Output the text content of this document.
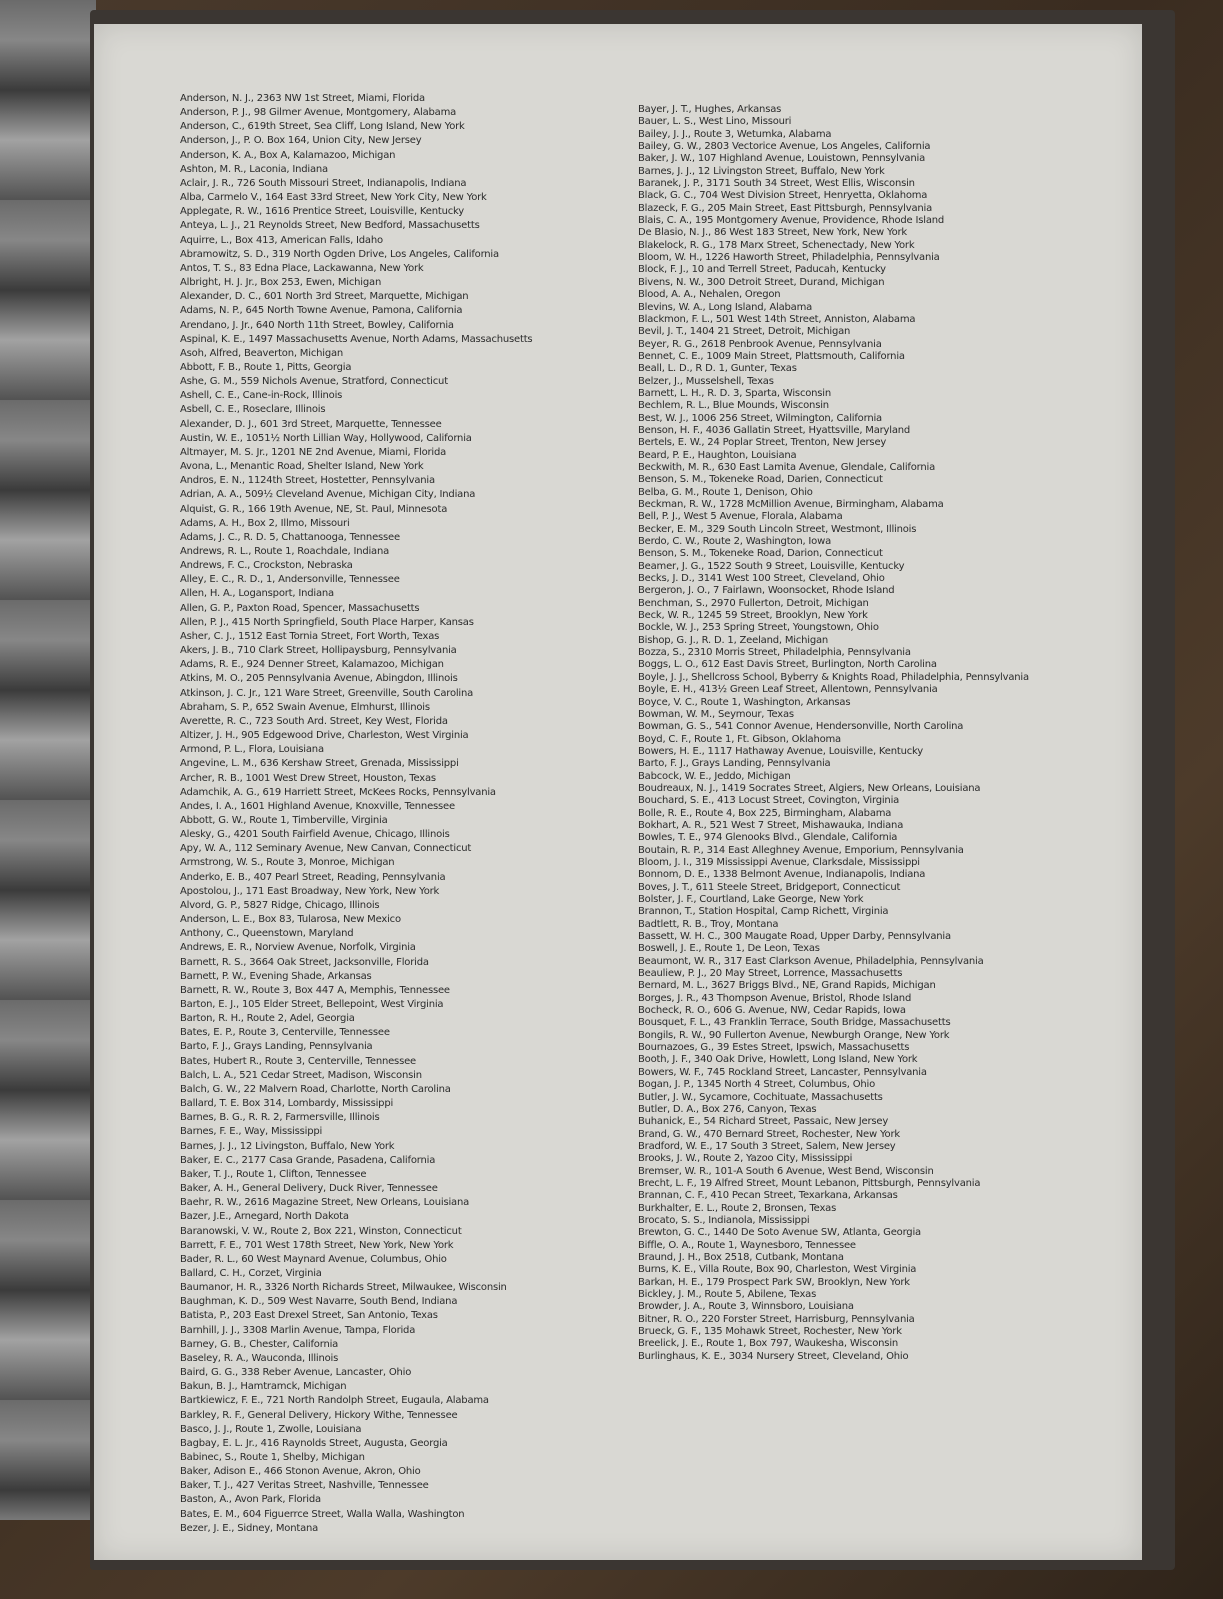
Anderson, N. J., 2363 NW 1st Street, Miami, Florida
Anderson, P. J., 98 Gilmer Avenue, Montgomery, Alabama
Anderson, C., 619th Street, Sea Cliff, Long Island, New York
Anderson, J., P. O. Box 164, Union City, New Jersey
Anderson, K. A., Box A, Kalamazoo, Michigan
Ashton, M. R., Laconia, Indiana
Aclair, J. R., 726 South Missouri Street, Indianapolis, Indiana
Alba, Carmelo V., 164 East 33rd Street, New York City, New York
Applegate, R. W., 1616 Prentice Street, Louisville, Kentucky
Anteya, L. J., 21 Reynolds Street, New Bedford, Massachusetts
Aquirre, L., Box 413, American Falls, Idaho
Abramowitz, S. D., 319 North Ogden Drive, Los Angeles, California
Antos, T. S., 83 Edna Place, Lackawanna, New York
Albright, H. J. Jr., Box 253, Ewen, Michigan
Alexander, D. C., 601 North 3rd Street, Marquette, Michigan
Adams, N. P., 645 North Towne Avenue, Pamona, California
Arendano, J. Jr., 640 North 11th Street, Bowley, California
Aspinal, K. E., 1497 Massachusetts Avenue, North Adams, Massachusetts
Asoh, Alfred, Beaverton, Michigan
Abbott, F. B., Route 1, Pitts, Georgia
Ashe, G. M., 559 Nichols Avenue, Stratford, Connecticut
Ashell, C. E., Cane-in-Rock, Illinois
Asbell, C. E., Roseclare, Illinois
Alexander, D. J., 601 3rd Street, Marquette, Tennessee
Austin, W. E., 1051½ North Lillian Way, Hollywood, California
Altmayer, M. S. Jr., 1201 NE 2nd Avenue, Miami, Florida
Avona, L., Menantic Road, Shelter Island, New York
Andros, E. N., 1124th Street, Hostetter, Pennsylvania
Adrian, A. A., 509½ Cleveland Avenue, Michigan City, Indiana
Alquist, G. R., 166 19th Avenue, NE, St. Paul, Minnesota
Adams, A. H., Box 2, Illmo, Missouri
Adams, J. C., R. D. 5, Chattanooga, Tennessee
Andrews, R. L., Route 1, Roachdale, Indiana
Andrews, F. C., Crockston, Nebraska
Alley, E. C., R. D., 1, Andersonville, Tennessee
Allen, H. A., Logansport, Indiana
Allen, G. P., Paxton Road, Spencer, Massachusetts
Allen, P. J., 415 North Springfield, South Place Harper, Kansas
Asher, C. J., 1512 East Tornia Street, Fort Worth, Texas
Akers, J. B., 710 Clark Street, Hollipaysburg, Pennsylvania
Adams, R. E., 924 Denner Street, Kalamazoo, Michigan
Atkins, M. O., 205 Pennsylvania Avenue, Abingdon, Illinois
Atkinson, J. C. Jr., 121 Ware Street, Greenville, South Carolina
Abraham, S. P., 652 Swain Avenue, Elmhurst, Illinois
Averette, R. C., 723 South Ard. Street, Key West, Florida
Altizer, J. H., 905 Edgewood Drive, Charleston, West Virginia
Armond, P. L., Flora, Louisiana
Angevine, L. M., 636 Kershaw Street, Grenada, Mississippi
Archer, R. B., 1001 West Drew Street, Houston, Texas
Adamchik, A. G., 619 Harriett Street, McKees Rocks, Pennsylvania
Andes, I. A., 1601 Highland Avenue, Knoxville, Tennessee
Abbott, G. W., Route 1, Timberville, Virginia
Alesky, G., 4201 South Fairfield Avenue, Chicago, Illinois
Apy, W. A., 112 Seminary Avenue, New Canvan, Connecticut
Armstrong, W. S., Route 3, Monroe, Michigan
Anderko, E. B., 407 Pearl Street, Reading, Pennsylvania
Apostolou, J., 171 East Broadway, New York, New York
Alvord, G. P., 5827 Ridge, Chicago, Illinois
Anderson, L. E., Box 83, Tularosa, New Mexico
Anthony, C., Queenstown, Maryland
Andrews, E. R., Norview Avenue, Norfolk, Virginia
Barnett, R. S., 3664 Oak Street, Jacksonville, Florida
Barnett, P. W., Evening Shade, Arkansas
Barnett, R. W., Route 3, Box 447 A, Memphis, Tennessee
Barton, E. J., 105 Elder Street, Bellepoint, West Virginia
Barton, R. H., Route 2, Adel, Georgia
Bates, E. P., Route 3, Centerville, Tennessee
Barto, F. J., Grays Landing, Pennsylvania
Bates, Hubert R., Route 3, Centerville, Tennessee
Balch, L. A., 521 Cedar Street, Madison, Wisconsin
Balch, G. W., 22 Malvern Road, Charlotte, North Carolina
Ballard, T. E. Box 314, Lombardy, Mississippi
Barnes, B. G., R. R. 2, Farmersville, Illinois
Barnes, F. E., Way, Mississippi
Barnes, J. J., 12 Livingston, Buffalo, New York
Baker, E. C., 2177 Casa Grande, Pasadena, California
Baker, T. J., Route 1, Clifton, Tennessee
Baker, A. H., General Delivery, Duck River, Tennessee
Baehr, R. W., 2616 Magazine Street, New Orleans, Louisiana
Bazer, J.E., Arnegard, North Dakota
Baranowski, V. W., Route 2, Box 221, Winston, Connecticut
Barrett, F. E., 701 West 178th Street, New York, New York
Bader, R. L., 60 West Maynard Avenue, Columbus, Ohio
Ballard, C. H., Corzet, Virginia
Baumanor, H. R., 3326 North Richards Street, Milwaukee, Wisconsin
Baughman, K. D., 509 West Navarre, South Bend, Indiana
Batista, P., 203 East Drexel Street, San Antonio, Texas
Barnhill, J. J., 3308 Marlin Avenue, Tampa, Florida
Barney, G. B., Chester, California
Baseley, R. A., Wauconda, Illinois
Baird, G. G., 338 Reber Avenue, Lancaster, Ohio
Bakun, B. J., Hamtramck, Michigan
Bartkiewicz, F. E., 721 North Randolph Street, Eugaula, Alabama
Barkley, R. F., General Delivery, Hickory Withe, Tennessee
Basco, J. J., Route 1, Zwolle, Louisiana
Bagbay, E. L. Jr., 416 Raynolds Street, Augusta, Georgia
Babinec, S., Route 1, Shelby, Michigan
Baker, Adison E., 466 Stonon Avenue, Akron, Ohio
Baker, T. J., 427 Veritas Street, Nashville, Tennessee
Baston, A., Avon Park, Florida
Bates, E. M., 604 Figuerrce Street, Walla Walla, Washington
Bezer, J. E., Sidney, Montana
Bayer, J. T., Hughes, Arkansas
Bauer, L. S., West Lino, Missouri
Bailey, J. J., Route 3, Wetumka, Alabama
Bailey, G. W., 2803 Vectorice Avenue, Los Angeles, California
Baker, J. W., 107 Highland Avenue, Louistown, Pennsylvania
Barnes, J. J., 12 Livingston Street, Buffalo, New York
Baranek, J. P., 3171 South 34 Street, West Ellis, Wisconsin
Black, G. C., 704 West Division Street, Henryetta, Oklahoma
Blazeck, F. G., 205 Main Street, East Pittsburgh, Pennsylvania
Blais, C. A., 195 Montgomery Avenue, Providence, Rhode Island
De Blasio, N. J., 86 West 183 Street, New York, New York
Blakelock, R. G., 178 Marx Street, Schenectady, New York
Bloom, W. H., 1226 Haworth Street, Philadelphia, Pennsylvania
Block, F. J., 10 and Terrell Street, Paducah, Kentucky
Bivens, N. W., 300 Detroit Street, Durand, Michigan
Blood, A. A., Nehalen, Oregon
Blevins, W. A., Long Island, Alabama
Blackmon, F. L., 501 West 14th Street, Anniston, Alabama
Bevil, J. T., 1404 21 Street, Detroit, Michigan
Beyer, R. G., 2618 Penbrook Avenue, Pennsylvania
Bennet, C. E., 1009 Main Street, Plattsmouth, California
Beall, L. D., R D. 1, Gunter, Texas
Belzer, J., Musselshell, Texas
Barnett, L. H., R. D. 3, Sparta, Wisconsin
Bechlem, R. L., Blue Mounds, Wisconsin
Best, W. J., 1006 256 Street, Wilmington, California
Benson, H. F., 4036 Gallatin Street, Hyattsville, Maryland
Bertels, E. W., 24 Poplar Street, Trenton, New Jersey
Beard, P. E., Haughton, Louisiana
Beckwith, M. R., 630 East Lamita Avenue, Glendale, California
Benson, S. M., Tokeneke Road, Darien, Connecticut
Belba, G. M., Route 1, Denison, Ohio
Beckman, R. W., 1728 McMillion Avenue, Birmingham, Alabama
Bell, P. J., West 5 Avenue, Florala, Alabama
Becker, E. M., 329 South Lincoln Street, Westmont, Illinois
Berdo, C. W., Route 2, Washington, Iowa
Benson, S. M., Tokeneke Road, Darion, Connecticut
Beamer, J. G., 1522 South 9 Street, Louisville, Kentucky
Becks, J. D., 3141 West 100 Street, Cleveland, Ohio
Bergeron, J. O., 7 Fairlawn, Woonsocket, Rhode Island
Benchman, S., 2970 Fullerton, Detroit, Michigan
Beck, W. R., 1245 59 Street, Brooklyn, New York
Bockle, W. J., 253 Spring Street, Youngstown, Ohio
Bishop, G. J., R. D. 1, Zeeland, Michigan
Bozza, S., 2310 Morris Street, Philadelphia, Pennsylvania
Boggs, L. O., 612 East Davis Street, Burlington, North Carolina
Boyle, J. J., Shellcross School, Byberry & Knights Road, Philadelphia, Pennsylvania
Boyle, E. H., 413½ Green Leaf Street, Allentown, Pennsylvania
Boyce, V. C., Route 1, Washington, Arkansas
Bowman, W. M., Seymour, Texas
Bowman, G. S., 541 Connor Avenue, Hendersonville, North Carolina
Boyd, C. F., Route 1, Ft. Gibson, Oklahoma
Bowers, H. E., 1117 Hathaway Avenue, Louisville, Kentucky
Barto, F. J., Grays Landing, Pennsylvania
Babcock, W. E., Jeddo, Michigan
Boudreaux, N. J., 1419 Socrates Street, Algiers, New Orleans, Louisiana
Bouchard, S. E., 413 Locust Street, Covington, Virginia
Bolle, R. E., Route 4, Box 225, Birmingham, Alabama
Bokhart, A. R., 521 West 7 Street, Mishawauka, Indiana
Bowles, T. E., 974 Glenooks Blvd., Glendale, California
Boutain, R. P., 314 East Alleghney Avenue, Emporium, Pennsylvania
Bloom, J. I., 319 Mississippi Avenue, Clarksdale, Mississippi
Bonnom, D. E., 1338 Belmont Avenue, Indianapolis, Indiana
Boves, J. T., 611 Steele Street, Bridgeport, Connecticut
Bolster, J. F., Courtland, Lake George, New York
Brannon, T., Station Hospital, Camp Richett, Virginia
Badtlett, R. B., Troy, Montana
Bassett, W. H. C., 300 Maugate Road, Upper Darby, Pennsylvania
Boswell, J. E., Route 1, De Leon, Texas
Beaumont, W. R., 317 East Clarkson Avenue, Philadelphia, Pennsylvania
Beauliew, P. J., 20 May Street, Lorrence, Massachusetts
Bernard, M. L., 3627 Briggs Blvd., NE, Grand Rapids, Michigan
Borges, J. R., 43 Thompson Avenue, Bristol, Rhode Island
Bocheck, R. O., 606 G. Avenue, NW, Cedar Rapids, Iowa
Bousquet, F. L., 43 Franklin Terrace, South Bridge, Massachusetts
Bongils, R. W., 90 Fullerton Avenue, Newburgh Orange, New York
Bournazoes, G., 39 Estes Street, Ipswich, Massachusetts
Booth, J. F., 340 Oak Drive, Howlett, Long Island, New York
Bowers, W. F., 745 Rockland Street, Lancaster, Pennsylvania
Bogan, J. P., 1345 North 4 Street, Columbus, Ohio
Butler, J. W., Sycamore, Cochituate, Massachusetts
Butler, D. A., Box 276, Canyon, Texas
Buhanick, E., 54 Richard Street, Passaic, New Jersey
Brand, G. W., 470 Bernard Street, Rochester, New York
Bradford, W. E., 17 South 3 Street, Salem, New Jersey
Brooks, J. W., Route 2, Yazoo City, Mississippi
Bremser, W. R., 101-A South 6 Avenue, West Bend, Wisconsin
Brecht, L. F., 19 Alfred Street, Mount Lebanon, Pittsburgh, Pennsylvania
Brannan, C. F., 410 Pecan Street, Texarkana, Arkansas
Burkhalter, E. L., Route 2, Bronsen, Texas
Brocato, S. S., Indianola, Mississippi
Brewton, G. C., 1440 De Soto Avenue SW, Atlanta, Georgia
Biffle, O. A., Route 1, Waynesboro, Tennessee
Braund, J. H., Box 2518, Cutbank, Montana
Burns, K. E., Villa Route, Box 90, Charleston, West Virginia
Barkan, H. E., 179 Prospect Park SW, Brooklyn, New York
Bickley, J. M., Route 5, Abilene, Texas
Browder, J. A., Route 3, Winnsboro, Louisiana
Bitner, R. O., 220 Forster Street, Harrisburg, Pennsylvania
Brueck, G. F., 135 Mohawk Street, Rochester, New York
Breelick, J. E., Route 1, Box 797, Waukesha, Wisconsin
Burlinghaus, K. E., 3034 Nursery Street, Cleveland, Ohio
